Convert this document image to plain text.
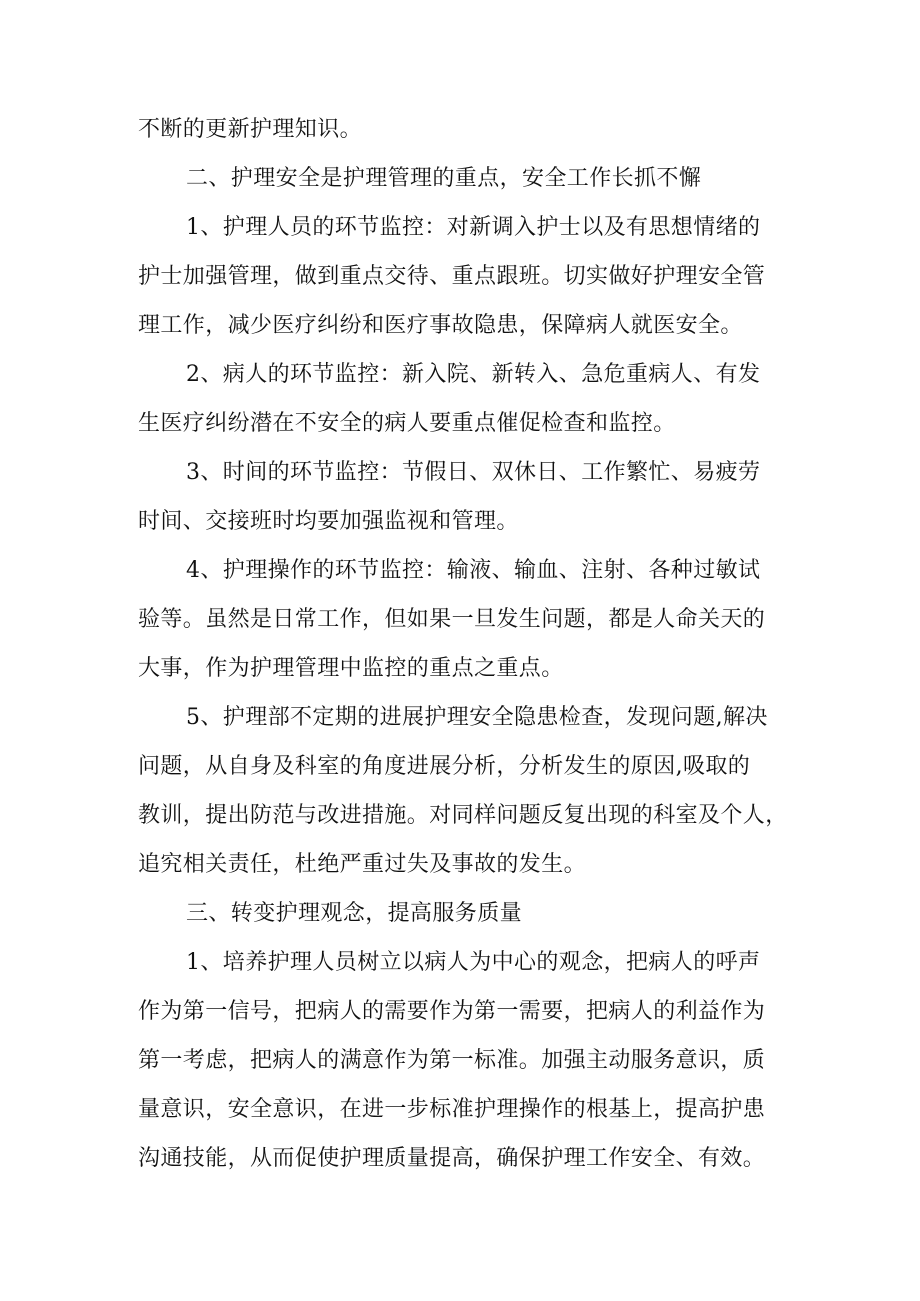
不断的更新护理知识。
二、护理安全是护理管理的重点，安全工作长抓不懈
1、护理人员的环节监控：对新调入护士以及有思想情绪的
护士加强管理，做到重点交待、重点跟班。切实做好护理安全管
理工作，减少医疗纠纷和医疗事故隐患，保障病人就医安全。
2、病人的环节监控：新入院、新转入、急危重病人、有发
生医疗纠纷潜在不安全的病人要重点催促检查和监控。
3、时间的环节监控：节假日、双休日、工作繁忙、易疲劳
时间、交接班时均要加强监视和管理。
4、护理操作的环节监控：输液、输血、注射、各种过敏试
验等。虽然是日常工作，但如果一旦发生问题，都是人命关天的
大事，作为护理管理中监控的重点之重点。
5、护理部不定期的进展护理安全隐患检查，发现问题,解决
问题，从自身及科室的角度进展分析，分析发生的原因,吸取的
教训，提出防范与改进措施。对同样问题反复出现的科室及个人，
追究相关责任，杜绝严重过失及事故的发生。
三、转变护理观念，提高服务质量
1、培养护理人员树立以病人为中心的观念，把病人的呼声
作为第一信号，把病人的需要作为第一需要，把病人的利益作为
第一考虑，把病人的满意作为第一标准。加强主动服务意识，质
量意识，安全意识，在进一步标准护理操作的根基上，提高护患
沟通技能，从而促使护理质量提高，确保护理工作安全、有效。
